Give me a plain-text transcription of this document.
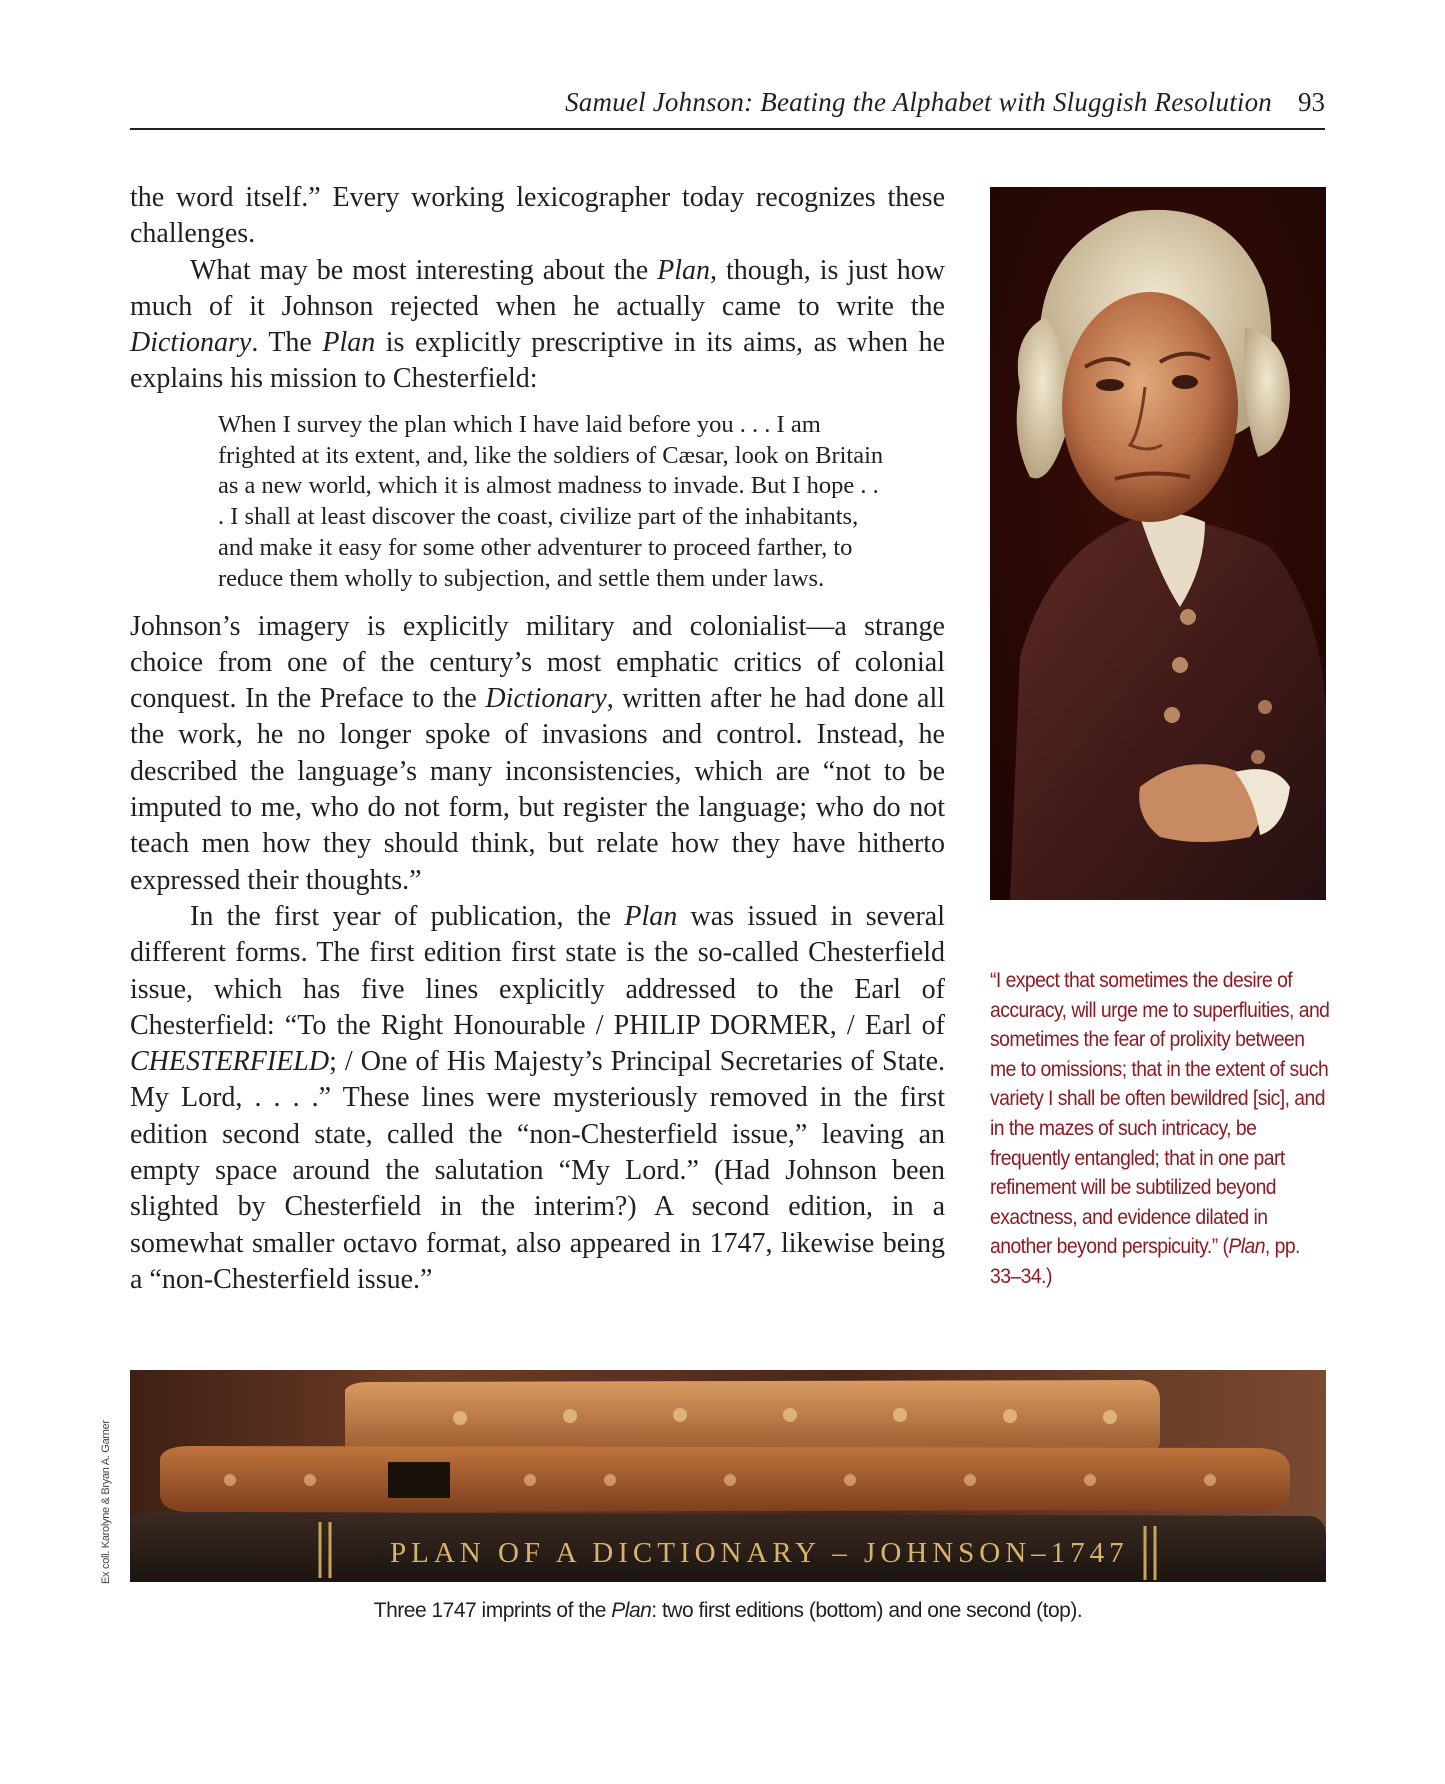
Samuel Johnson: Beating the Alphabet with Sluggish Resolution 93

the word itself.” Every working lexicographer today recognizes these challenges.

What may be most interesting about the Plan, though, is just how much of it Johnson rejected when he actually came to write the Dictionary. The Plan is explicitly prescriptive in its aims, as when he explains his mission to Chesterfield:

When I survey the plan which I have laid before you . . . I am frighted at its extent, and, like the soldiers of Cæsar, look on Britain as a new world, which it is almost madness to invade. But I hope . . . I shall at least discover the coast, civilize part of the inhabitants, and make it easy for some other adventurer to proceed farther, to reduce them wholly to subjection, and settle them under laws.

Johnson’s imagery is explicitly military and colonialist—a strange choice from one of the century’s most emphatic critics of colonial conquest. In the Preface to the Dictionary, written after he had done all the work, he no longer spoke of invasions and control. Instead, he described the language’s many inconsistencies, which are “not to be imputed to me, who do not form, but register the language; who do not teach men how they should think, but relate how they have hitherto expressed their thoughts.”

In the first year of publication, the Plan was issued in several different forms. The first edition first state is the so-called Chesterfield issue, which has five lines explicitly addressed to the Earl of Chesterfield: “To the Right Honourable / PHILIP DORMER, / Earl of CHESTERFIELD; / One of His Majesty’s Principal Secretaries of State. My Lord, . . . .” These lines were mysteriously removed in the first edition second state, called the “non-Chesterfield issue,” leaving an empty space around the salutation “My Lord.” (Had Johnson been slighted by Chesterfield in the interim?) A second edition, in a somewhat smaller octavo format, also appeared in 1747, likewise being a “non-Chesterfield issue.”

“I expect that sometimes the desire of accuracy, will urge me to superfluities, and sometimes the fear of prolixity between me to omissions; that in the extent of such variety I shall be often bewildred [sic], and in the mazes of such intricacy, be frequently entangled; that in one part refinement will be subtilized beyond exactness, and evidence dilated in another beyond perspicuity.” (Plan, pp. 33–34.)
PLAN OF A DICTIONARY – JOHNSON–1747
Ex coll. Karolyne & Bryan A. Garner
Three 1747 imprints of the Plan: two first editions (bottom) and one second (top).
